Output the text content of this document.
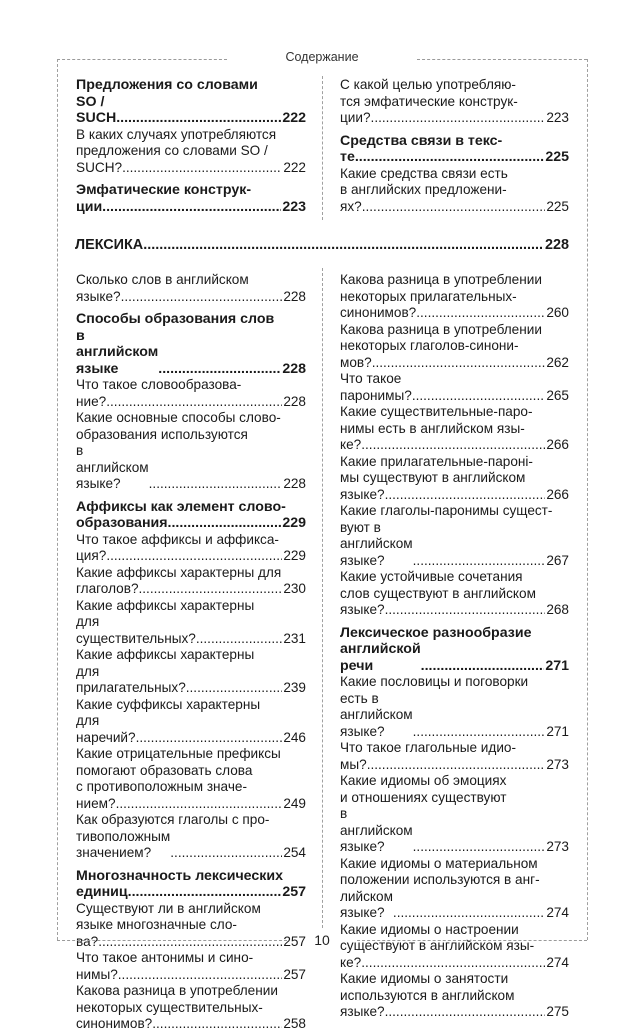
Содержание
Предложения со словами
SO / SUCH .....	222
В каких случаях употребляются
предложения со словами SO /
SUCH? .....	222
Эмфатические конструк-
ции .....	223
С какой целью употребляю-
тся эмфатические конструк-
ции? .....	223
Средства связи в текс-
те .....	225
Какие средства связи есть
в английских предложени-
ях? .....	225
ЛЕКСИКА .....	228
Сколько слов в английском
языке? .....	228
Способы образования слов
в английском языке .....	228
Что такое словообразова-
ние? .....	228
Какие основные способы слово-
образования используются
в английском языке? .....	228
Аффиксы как элемент слово-
образования .....	229
Что такое аффиксы и аффикса-
ция? .....	229
Какие аффиксы характерны для
глаголов? .....	230
Какие аффиксы характерны
для существительных? .....	231
Какие аффиксы характерны
для прилагательных? .....	239
Какие суффиксы характерны
для наречий? .....	246
Какие отрицательные префиксы
помогают образовать слова
с противоположным значе-
нием? .....	249
Как образуются глаголы с про-
тивоположным значением? .....	254
Многозначность лексических
единиц .....	257
Существуют ли в английском
языке многозначные сло-
ва? .....	257
Что такое антонимы и сино-
нимы? .....	257
Какова разница в употреблении
некоторых существительных-
синонимов? .....	258
Какова разница в употреблении
некоторых прилагательных-
синонимов? .....	260
Какова разница в употреблении
некоторых глаголов-синони-
мов? .....	262
Что такое паронимы? .....	265
Какие существительные-паро-
нимы есть в английском язы-
ке? .....	266
Какие прилагательные-пароні-
мы существуют в английском
языке? .....	266
Какие глаголы-паронимы сущест-
вуют в английском языке? .....	267
Какие устойчивые сочетания
слов существуют в английском
языке? .....	268
Лексическое разнообразие
английской речи .....	271
Какие пословицы и поговорки
есть в английском языке? .....	271
Что такое глагольные идио-
мы? .....	273
Какие идиомы об эмоциях
и отношениях существуют
в английском языке? .....	273
Какие идиомы о материальном
положении используются в анг-
лийском языке? .....	274
Какие идиомы о настроении
существуют в английском язы-
ке? .....	274
Какие идиомы о занятости
используются в английском
языке? .....	275
10
